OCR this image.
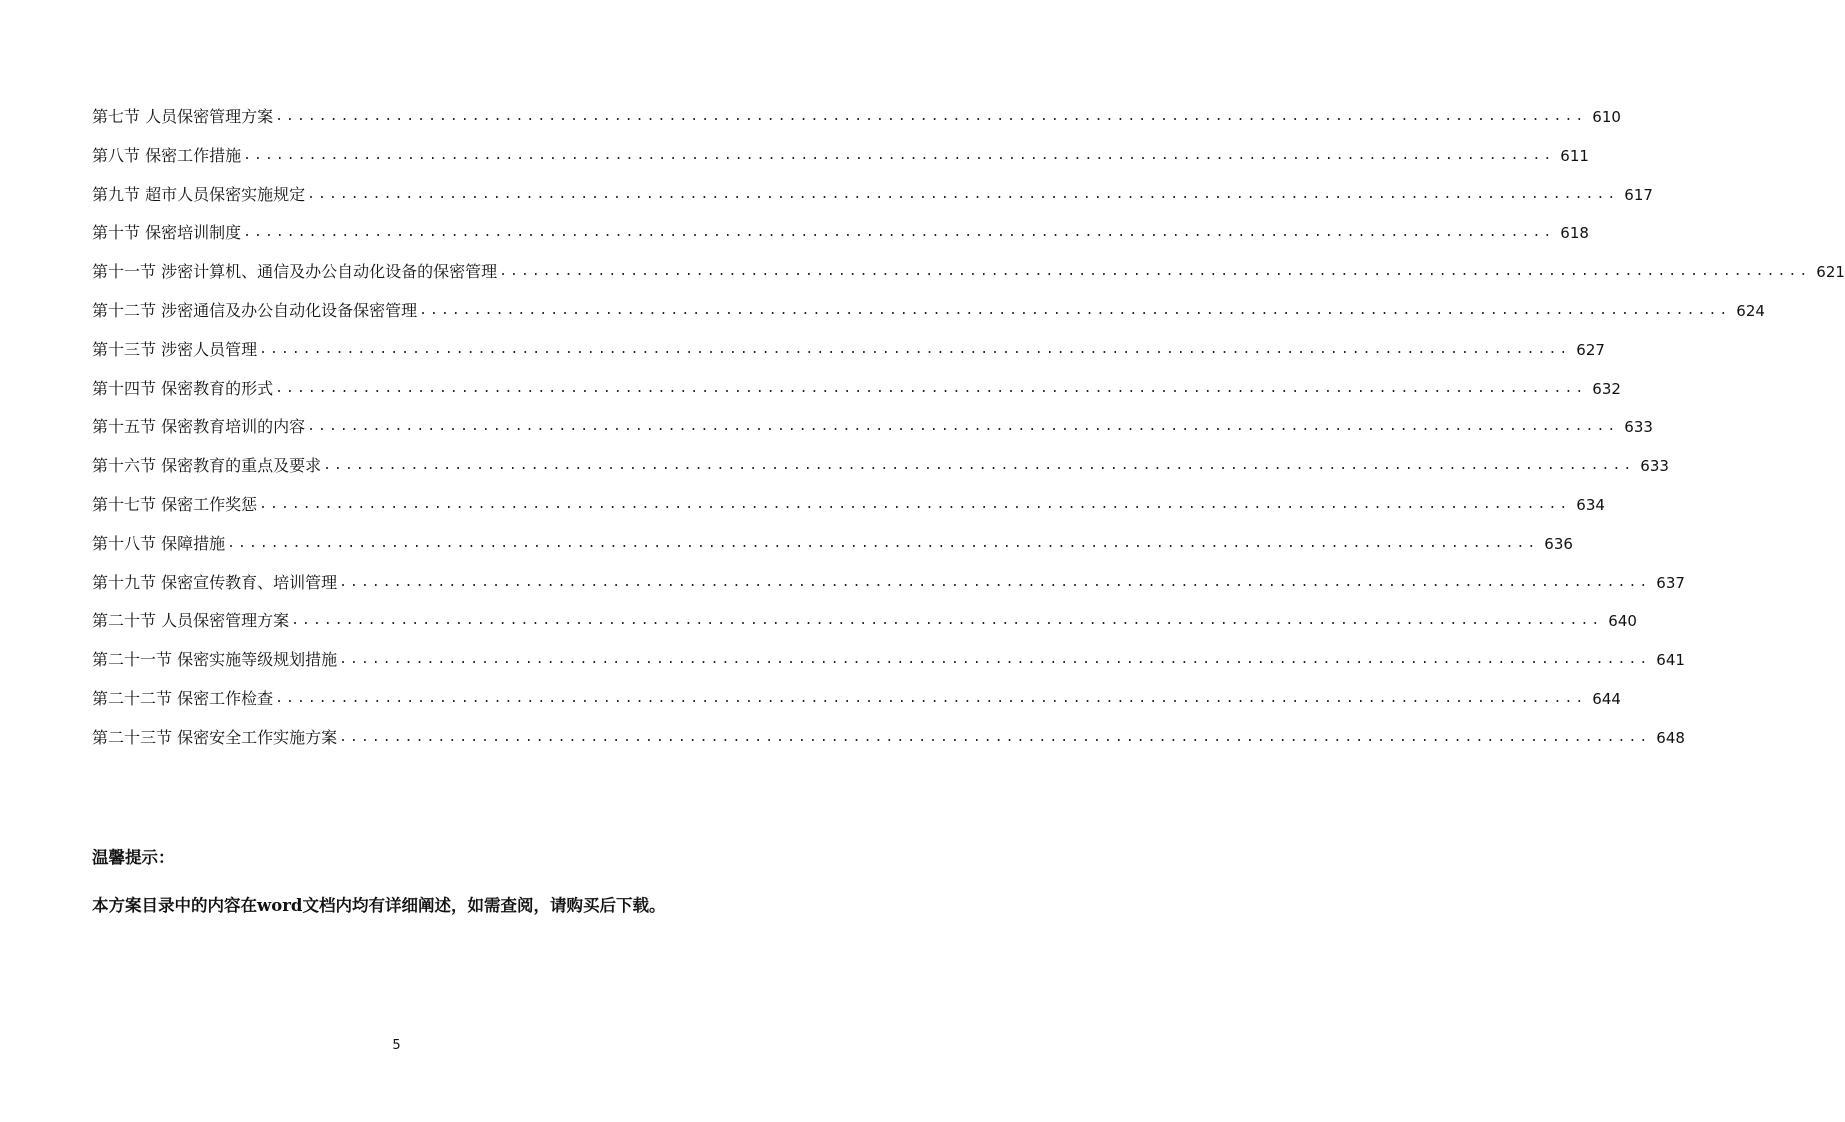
第七节 人员保密管理方案 ........................................................................................................................ 610
第八节 保密工作措施 ........................................................................................................................ 611
第九节 超市人员保密实施规定 ........................................................................................................................ 617
第十节 保密培训制度 ........................................................................................................................ 618
第十一节 涉密计算机、通信及办公自动化设备的保密管理 ........................................................................................................................ 621
第十二节 涉密通信及办公自动化设备保密管理 ........................................................................................................................ 624
第十三节 涉密人员管理 ........................................................................................................................ 627
第十四节 保密教育的形式 ........................................................................................................................ 632
第十五节 保密教育培训的内容 ........................................................................................................................ 633
第十六节 保密教育的重点及要求 ........................................................................................................................ 633
第十七节 保密工作奖惩 ........................................................................................................................ 634
第十八节 保障措施 ........................................................................................................................ 636
第十九节 保密宣传教育、培训管理 ........................................................................................................................ 637
第二十节 人员保密管理方案 ........................................................................................................................ 640
第二十一节 保密实施等级规划措施 ........................................................................................................................ 641
第二十二节 保密工作检查 ........................................................................................................................ 644
第二十三节 保密安全工作实施方案 ........................................................................................................................ 648
温馨提示：
本方案目录中的内容在word文档内均有详细阐述，如需查阅，请购买后下载。
5
